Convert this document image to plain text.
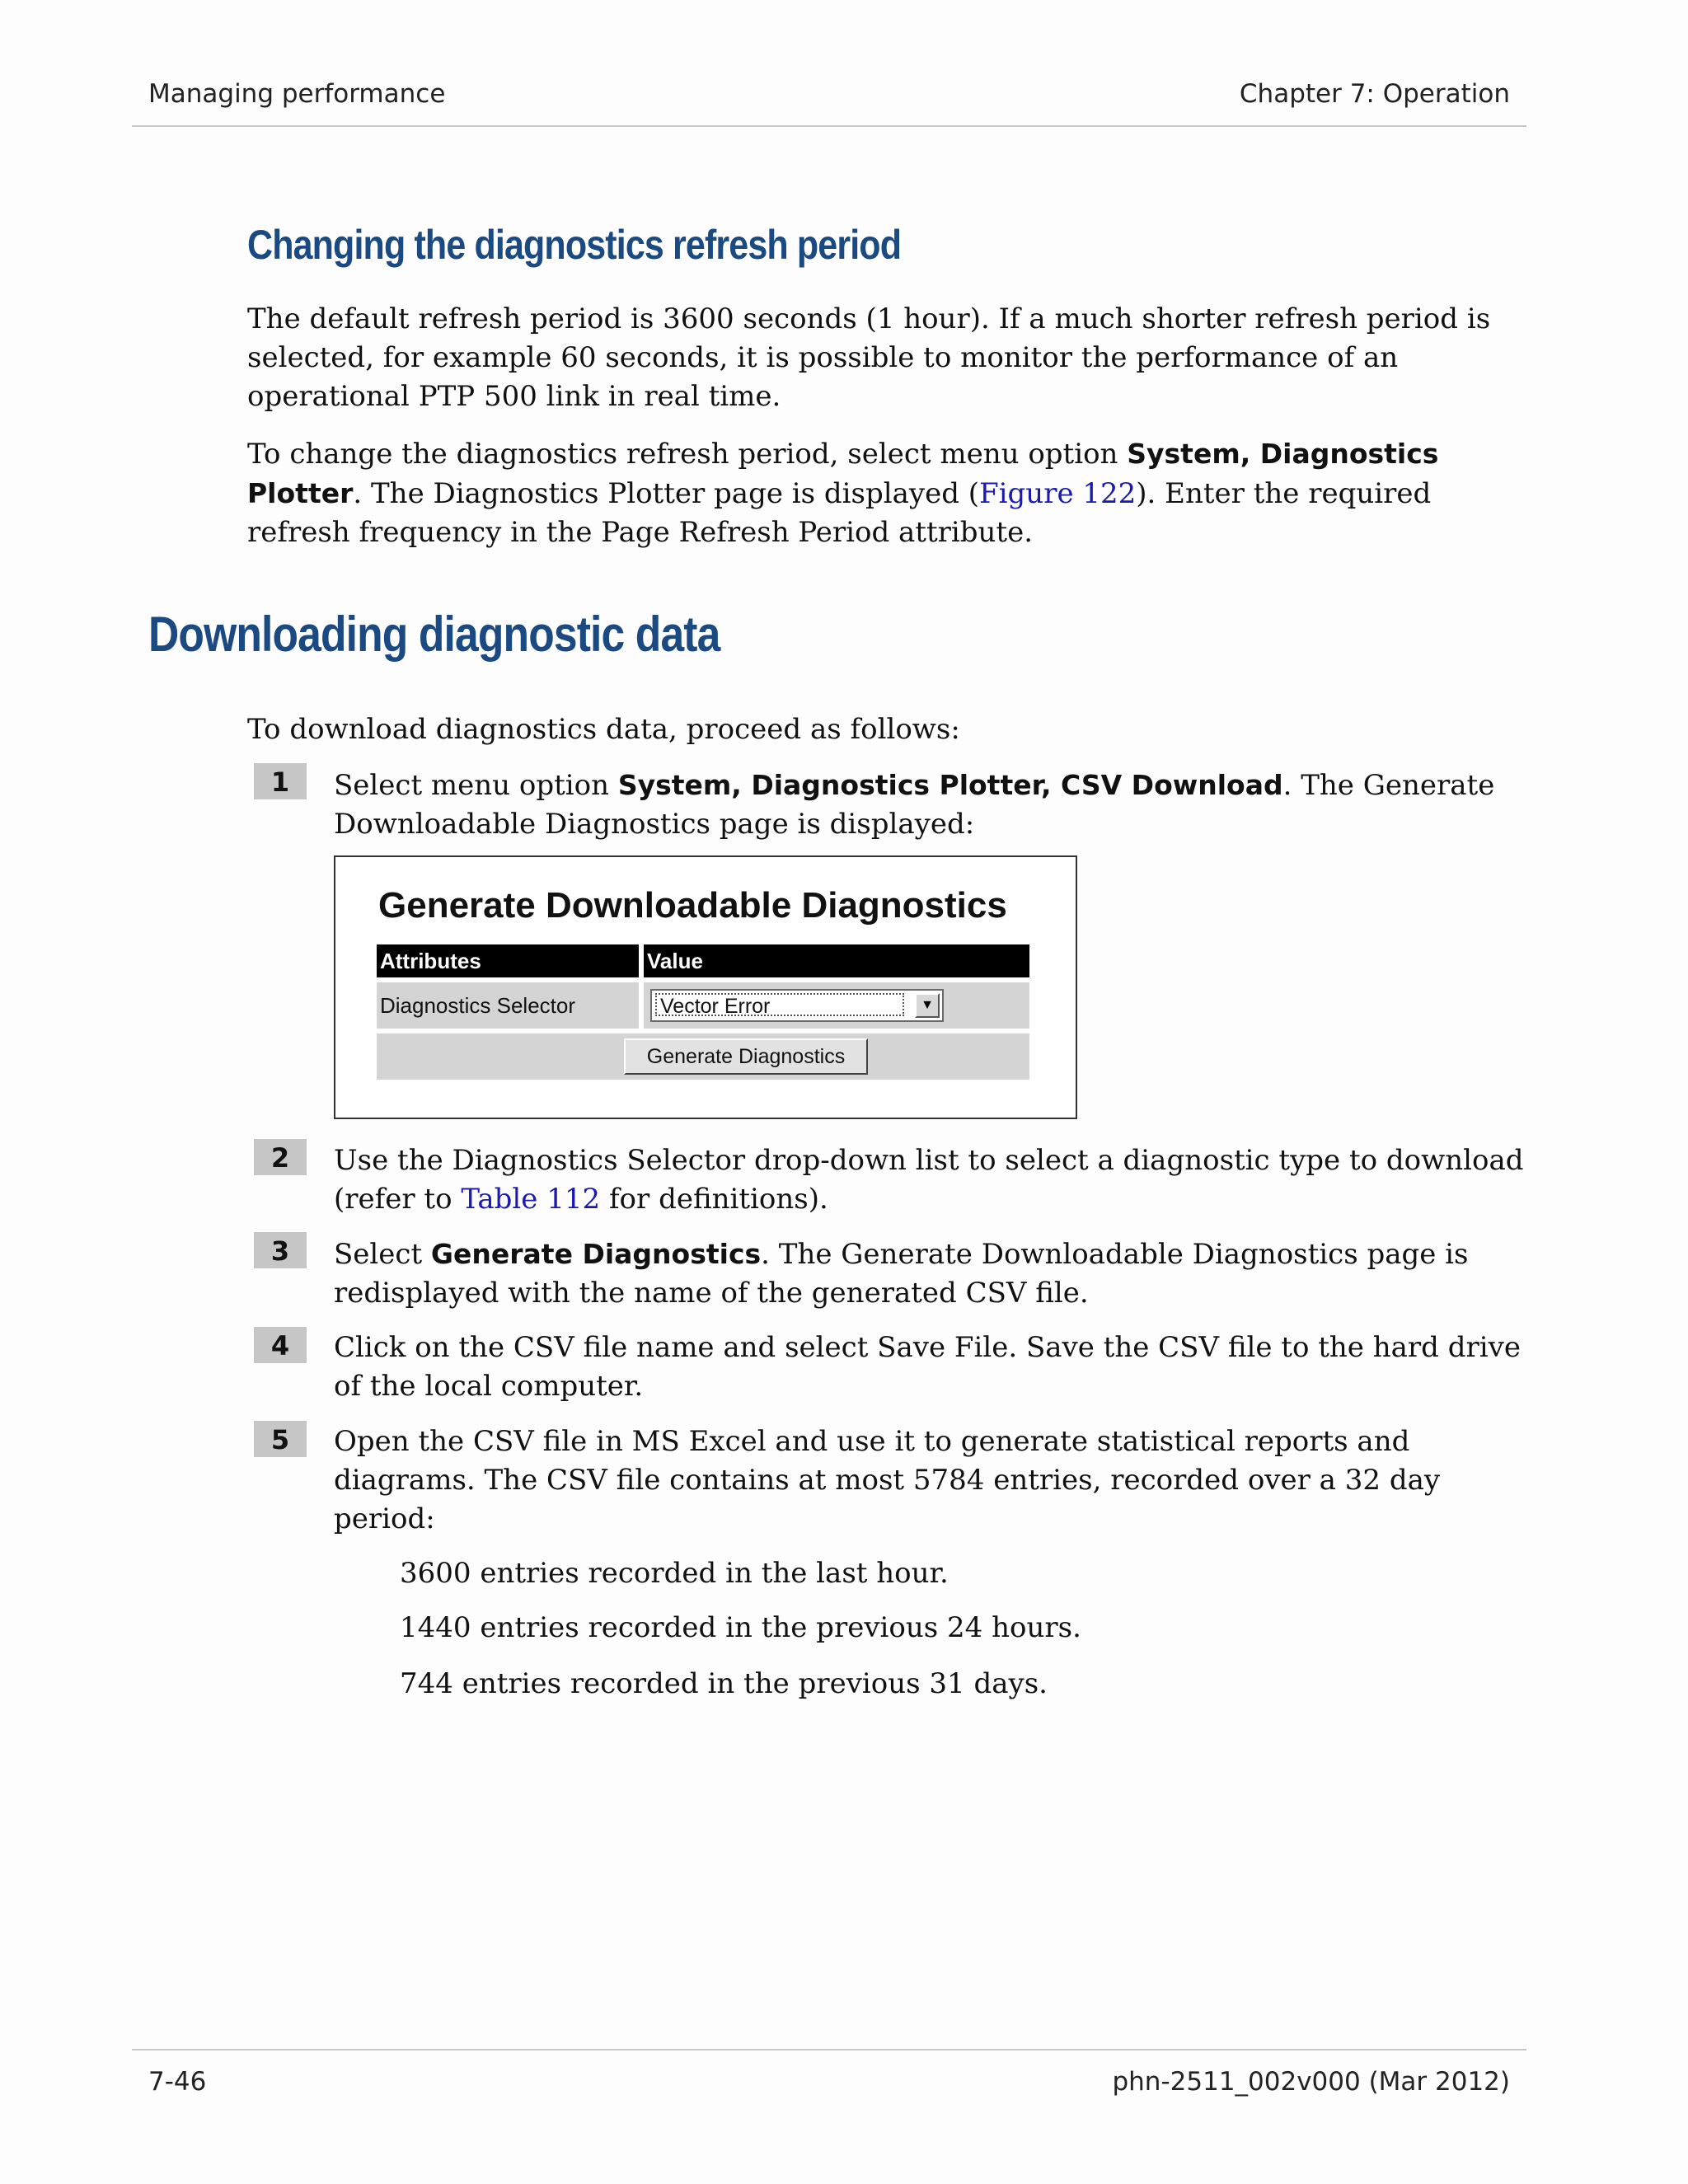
Managing performance	Chapter 7: Operation
Changing the diagnostics refresh period
The default refresh period is 3600 seconds (1 hour). If a much shorter refresh period is selected, for example 60 seconds, it is possible to monitor the performance of an operational PTP 500 link in real time.
To change the diagnostics refresh period, select menu option System, Diagnostics Plotter. The Diagnostics Plotter page is displayed (Figure 122). Enter the required refresh frequency in the Page Refresh Period attribute.
Downloading diagnostic data
To download diagnostics data, proceed as follows:
1	Select menu option System, Diagnostics Plotter, CSV Download. The Generate Downloadable Diagnostics page is displayed:
Generate Downloadable Diagnostics
Attributes	Value
Diagnostics Selector	Vector Error	▼
Generate Diagnostics
2	Use the Diagnostics Selector drop-down list to select a diagnostic type to download (refer to Table 112 for definitions).
3	Select Generate Diagnostics. The Generate Downloadable Diagnostics page is redisplayed with the name of the generated CSV file.
4	Click on the CSV file name and select Save File. Save the CSV file to the hard drive of the local computer.
5	Open the CSV file in MS Excel and use it to generate statistical reports and diagrams. The CSV file contains at most 5784 entries, recorded over a 32 day period:
3600 entries recorded in the last hour.
1440 entries recorded in the previous 24 hours.
744 entries recorded in the previous 31 days.
7-46	phn-2511_002v000 (Mar 2012)
